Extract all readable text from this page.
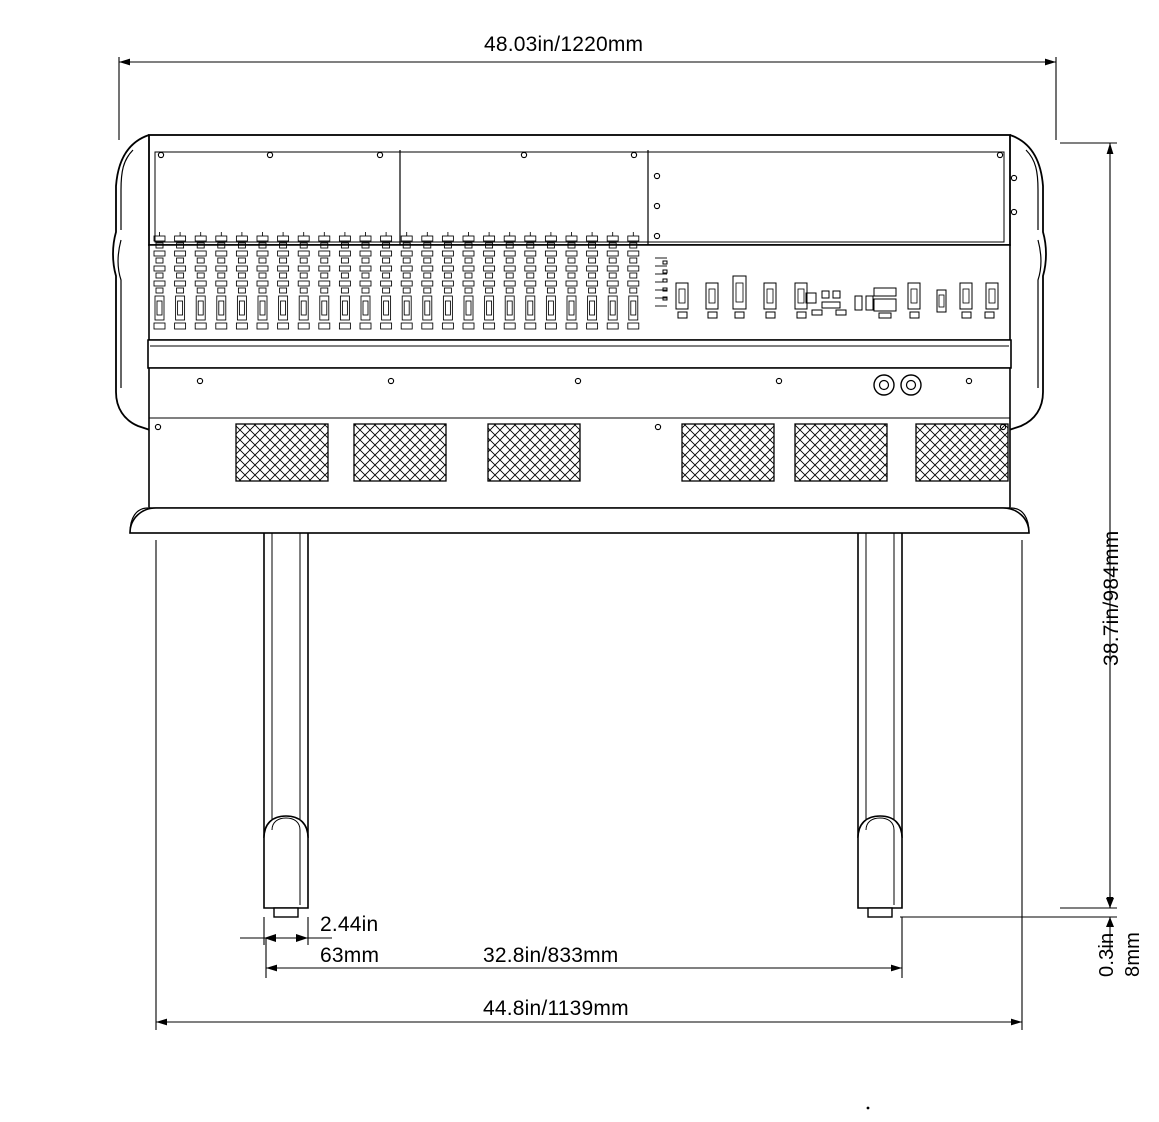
48.03in/1220mm
38.7in/984mm
0.3in 8mm
2.44in
63mm	32.8in/833mm
44.8in/1139mm
